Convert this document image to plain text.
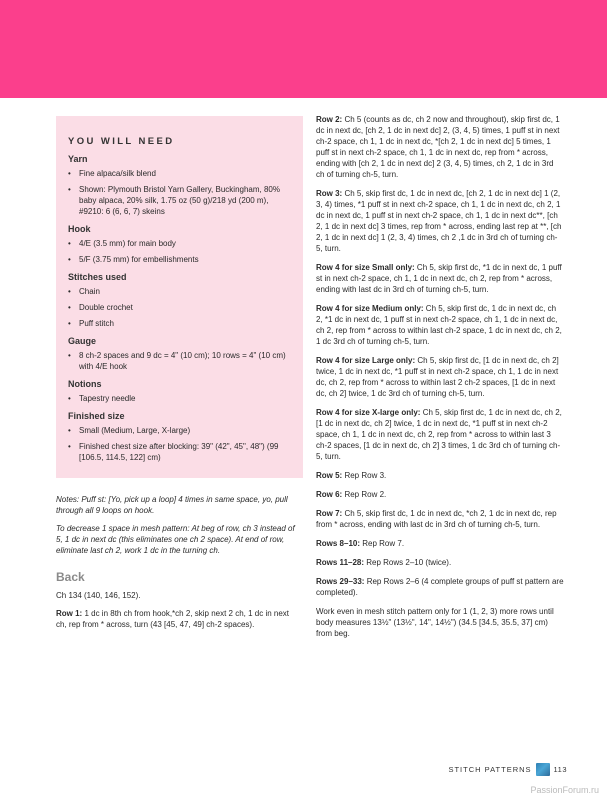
YOU WILL NEED
Yarn
• Fine alpaca/silk blend
• Shown: Plymouth Bristol Yarn Gallery, Buckingham, 80% baby alpaca, 20% silk, 1.75 oz (50 g)/218 yd (200 m), #9210: 6 (6, 6, 7) skeins
Hook
• 4/E (3.5 mm) for main body
• 5/F (3.75 mm) for embellishments
Stitches used
• Chain
• Double crochet
• Puff stitch
Gauge
• 8 ch-2 spaces and 9 dc = 4" (10 cm); 10 rows = 4" (10 cm) with 4/E hook
Notions
• Tapestry needle
Finished size
• Small (Medium, Large, X-large)
• Finished chest size after blocking: 39" (42", 45", 48") (99 [106.5, 114.5, 122] cm)

Notes: Puff st: [Yo, pick up a loop] 4 times in same space, yo, pull through all 9 loops on hook.

To decrease 1 space in mesh pattern: At beg of row, ch 3 instead of 5, 1 dc in next dc (this eliminates one ch 2 space). At end of row, eliminate last ch 2, work 1 dc in the turning ch.

Back

Ch 134 (140, 146, 152).

Row 1: 1 dc in 8th ch from hook,*ch 2, skip next 2 ch, 1 dc in next ch, rep from * across, turn (43 [45, 47, 49] ch-2 spaces).

Row 2: Ch 5 (counts as dc, ch 2 now and throughout), skip first dc, 1 dc in next dc, [ch 2, 1 dc in next dc] 2, (3, 4, 5) times, 1 puff st in next ch-2 space, ch 1, 1 dc in next dc, *[ch 2, 1 dc in next dc] 5 times, 1 puff st in next ch-2 space, ch 1, 1 dc in next dc, rep from * across, ending with [ch 2, 1 dc in next dc] 2 (3, 4, 5) times, ch 2, 1 dc in 3rd ch of turning ch-5, turn.

Row 3: Ch 5, skip first dc, 1 dc in next dc, [ch 2, 1 dc in next dc] 1 (2, 3, 4) times, *1 puff st in next ch-2 space, ch 1, 1 dc in next dc, ch 2, 1 dc in next dc, 1 puff st in next ch-2 space, ch 1, 1 dc in next dc**, [ch 2, 1 dc in next dc] 3 times, rep from * across, ending last rep at **, [ch 2, 1 dc in next dc] 1 (2, 3, 4) times, ch 2 ,1 dc in 3rd ch of turning ch-5, turn.

Row 4 for size Small only: Ch 5, skip first dc, *1 dc in next dc, 1 puff st in next ch-2 space, ch 1, 1 dc in next dc, ch 2, rep from * across, ending with last dc in 3rd ch of turning ch-5, turn.

Row 4 for size Medium only: Ch 5, skip first dc, 1 dc in next dc, ch 2, *1 dc in next dc, 1 puff st in next ch-2 space, ch 1, 1 dc in next dc, ch 2, rep from * across to within last ch-2 space, 1 dc in next dc, ch 2, 1 dc 3rd ch of turning ch-5, turn.

Row 4 for size Large only: Ch 5, skip first dc, [1 dc in next dc, ch 2] twice, 1 dc in next dc, *1 puff st in next ch-2 space, ch 1, 1 dc in next dc, ch 2, rep from * across to within last 2 ch-2 spaces, [1 dc in next dc, ch 2] twice, 1 dc 3rd ch of turning ch-5, turn.

Row 4 for size X-large only: Ch 5, skip first dc, 1 dc in next dc, ch 2, [1 dc in next dc, ch 2] twice, 1 dc in next dc, *1 puff st in next ch-2 space, ch 1, 1 dc in next dc, ch 2, rep from * across to within last 3 ch-2 spaces, [1 dc in next dc, ch 2] 3 times, 1 dc 3rd ch of turning ch-5, turn.

Row 5: Rep Row 3.

Row 6: Rep Row 2.

Row 7: Ch 5, skip first dc, 1 dc in next dc, *ch 2, 1 dc in next dc, rep from * across, ending with last dc in 3rd ch of turning ch-5, turn.

Rows 8–10: Rep Row 7.

Rows 11–28: Rep Rows 2–10 (twice).

Rows 29–33: Rep Rows 2–6 (4 complete groups of puff st pattern are completed).

Work even in mesh stitch pattern only for 1 (1, 2, 3) more rows until body measures 13½" (13½", 14", 14½") (34.5 [34.5, 35.5, 37] cm) from beg.

STITCH PATTERNS	113
PassionForum.ru
